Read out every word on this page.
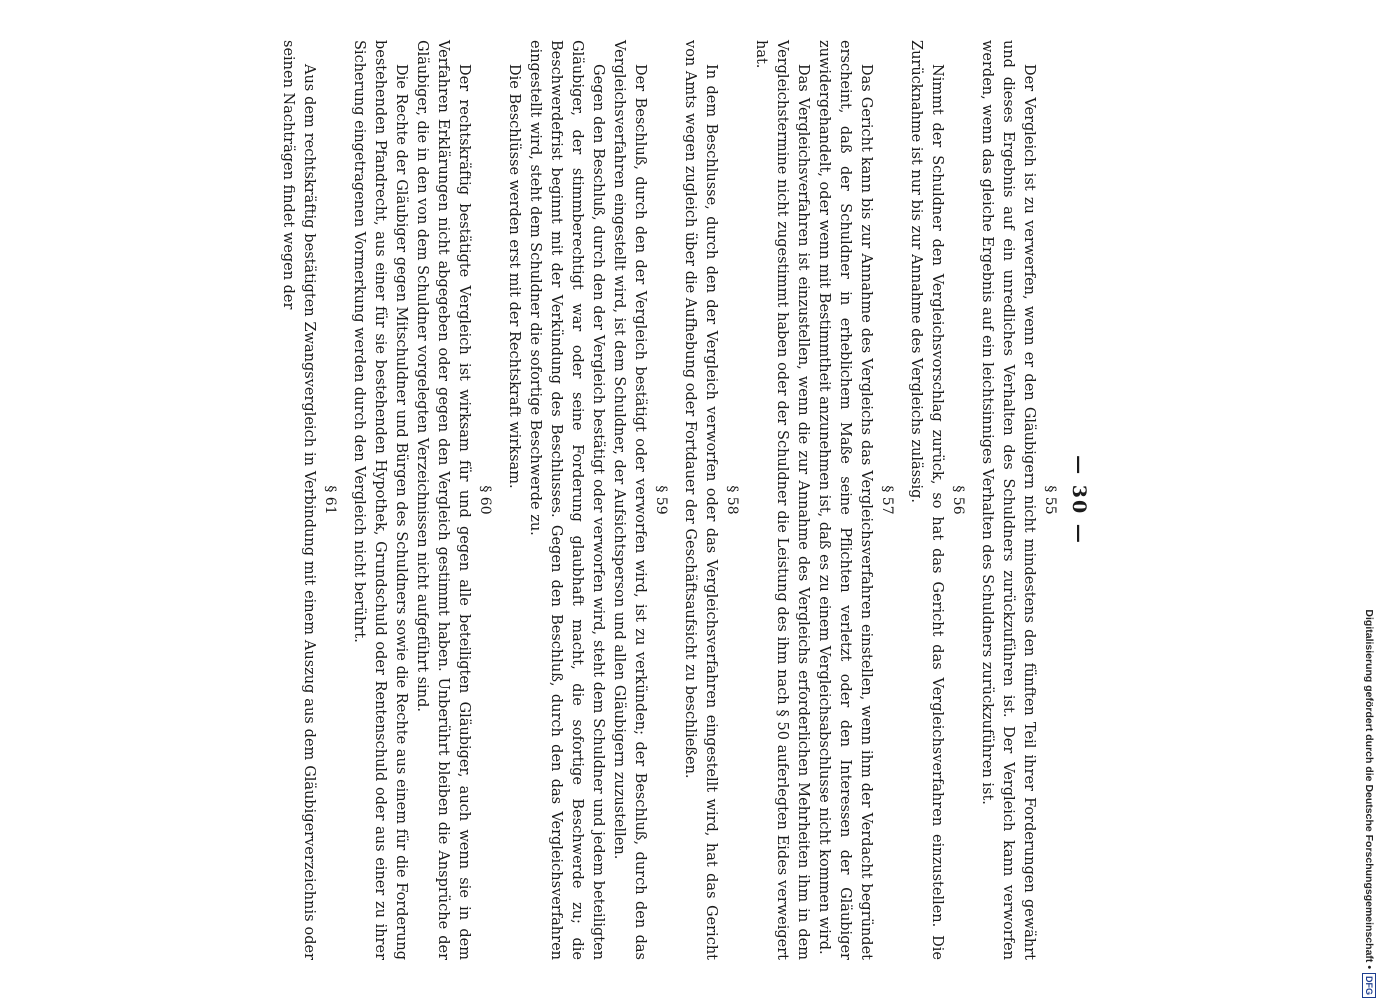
— 30 —
§ 55

Der Vergleich ist zu verwerfen, wenn er den Gläubigern nicht mindestens den fünften Teil ihrer Forderungen gewährt und dieses Ergebnis auf ein unredliches Verhalten des Schuldners zurückzuführen ist. Der Vergleich kann verworfen werden, wenn das gleiche Ergebnis auf ein leichtsinniges Verhalten des Schuldners zurückzuführen ist.

§ 56

Nimmt der Schuldner den Vergleichsvorschlag zurück, so hat das Gericht das Vergleichsverfahren einzustellen. Die Zurücknahme ist nur bis zur Annahme des Vergleichs zulässig.

§ 57

Das Gericht kann bis zur Annahme des Vergleichs das Vergleichsverfahren einstellen, wenn ihm der Verdacht begründet erscheint, daß der Schuldner in erheblichem Maße seine Pflichten verletzt oder den Interessen der Gläubiger zuwidergehandelt, oder wenn mit Bestimmtheit anzunehmen ist, daß es zu einem Vergleichsabschlusse nicht kommen wird.

Das Vergleichsverfahren ist einzustellen, wenn die zur Annahme des Vergleichs erforderlichen Mehrheiten ihm in dem Vergleichstermine nicht zugestimmt haben oder der Schuldner die Leistung des ihm nach § 50 auferlegten Eides verweigert hat.

§ 58

In dem Beschlusse, durch den der Vergleich verworfen oder das Vergleichsverfahren eingestellt wird, hat das Gericht von Amts wegen zugleich über die Aufhebung oder Fortdauer der Geschäftsaufsicht zu beschließen.

§ 59

Der Beschluß, durch den der Vergleich bestätigt oder verworfen wird, ist zu verkünden; der Beschluß, durch den das Vergleichsverfahren eingestellt wird, ist dem Schuldner, der Aufsichtsperson und allen Gläubigern zuzustellen.

Gegen den Beschluß, durch den der Vergleich bestätigt oder verworfen wird, steht dem Schuldner und jedem beteiligten Gläubiger, der stimmberechtigt war oder seine Forderung glaubhaft macht, die sofortige Beschwerde zu; die Beschwerdefrist beginnt mit der Verkündung des Beschlusses. Gegen den Beschluß, durch den das Vergleichsverfahren eingestellt wird, steht dem Schuldner die sofortige Beschwerde zu.

Die Beschlüsse werden erst mit der Rechtskraft wirksam.

§ 60

Der rechtskräftig bestätigte Vergleich ist wirksam für und gegen alle beteiligten Gläubiger, auch wenn sie in dem Verfahren Erklärungen nicht abgegeben oder gegen den Vergleich gestimmt haben. Unberührt bleiben die Ansprüche der Gläubiger, die in den von dem Schuldner vorgelegten Verzeichnissen nicht aufgeführt sind.

Die Rechte der Gläubiger gegen Mitschuldner und Bürgen des Schuldners sowie die Rechte aus einem für die Forderung bestehenden Pfandrecht, aus einer für sie bestehenden Hypothek, Grundschuld oder Rentenschuld oder aus einer zu ihrer Sicherung eingetragenen Vormerkung werden durch den Vergleich nicht berührt.

§ 61

Aus dem rechtskräftig bestätigten Zwangsvergleich in Verbindung mit einem Auszug aus dem Gläubigerverzeichnis oder seinen Nachträgen findet wegen der

Digitalisierung gefördert durch die Deutsche Forschungsgemeinschaft •
DFG
